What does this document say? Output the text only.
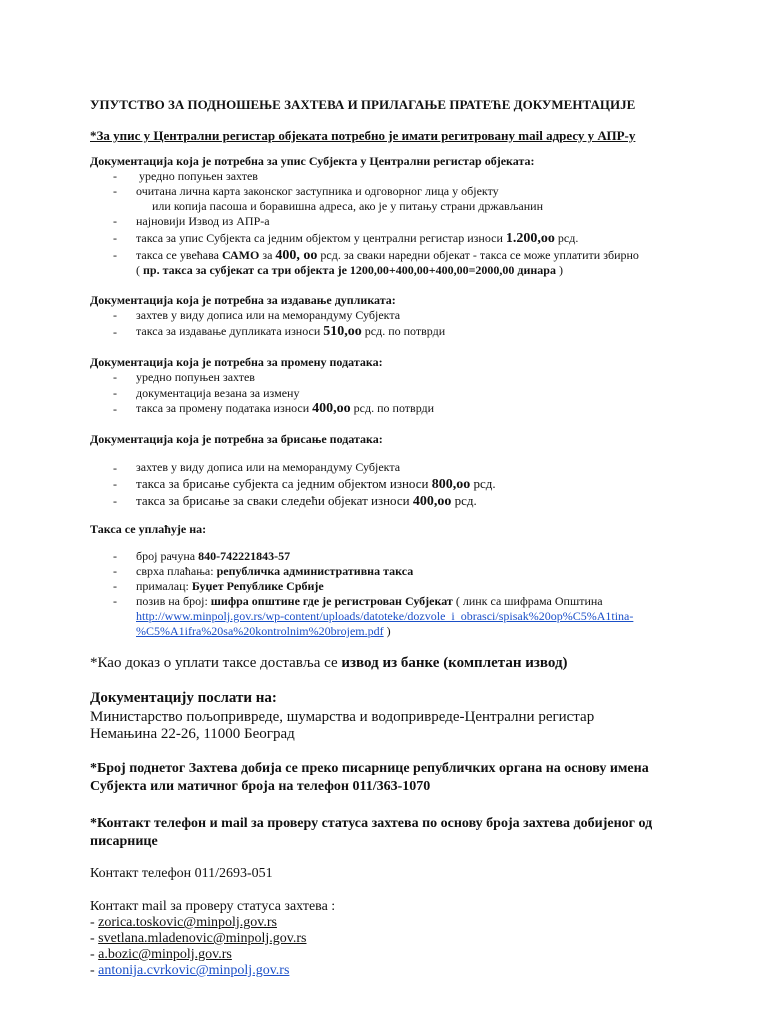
УПУТСТВО ЗА ПОДНОШЕЊЕ ЗАХТЕВА И ПРИЛАГАЊЕ ПРАТЕЋЕ ДОКУМЕНТАЦИЈЕ
*За упис у Централни регистар објеката потребно је имати регитровану mail адресу у АПР-у
Документација која је потребна за упис Субјекта у Централни регистар објеката:
- уредно попуњен захтев
- очитана лична карта законског заступника и одговорног лица у објекту
или копија пасоша и боравишна адреса, ако је у питању страни држављанин
- најновији Извод из АПР-а
- такса за упис Субјекта са једним објектом у централни регистар износи 1.200,оо рсд.
- такса се увећава САМО за 400, оо рсд. за сваки наредни објекат - такса се може уплатити збирно
( пр. такса за субјекат са три објекта је 1200,00+400,00+400,00=2000,00 динара )
Документација која је потребна за издавање дупликата:
- захтев у виду дописа или на меморандуму Субјекта
- такса за издавање дупликата износи 510,оо рсд. по потврди
Документација која је потребна за промену података:
- уредно попуњен захтев
- документација везана за измену
- такса за промену података износи 400,оо рсд. по потврди
Документација која је потребна за брисање података:
- захтев у виду дописа или на меморандуму Субјекта
- такса за брисање субјекта са једним објектом износи 800,оо рсд.
- такса за брисање за сваки следећи објекат износи 400,оо рсд.
Такса се уплаћује на:
- број рачуна 840-742221843-57
- сврха плаћања: републичка административна такса
- прималац: Буџет Републике Србије
- позив на број: шифра општине где је регистрован Субјекат ( линк са шифрама Општина
http://www.minpolj.gov.rs/wp-content/uploads/datoteke/dozvole_i_obrasci/spisak%20op%C5%A1tina-
%C5%A1ifra%20sa%20kontrolnim%20brojem.pdf )
*Као доказ о уплати таксе доставља се извод из банке (комплетан извод)
Документацију послати на:
Министарство пољопривреде, шумарства и водопривреде-Централни регистар
Немањина 22-26, 11000 Београд
*Број поднетог Захтева добија се преко писарнице републичких органа на основу имена
Субјекта или матичног броја на телефон 011/363-1070
*Контакт телефон и mail за проверу статуса захтева по основу броја захтева добијеног од
писарнице
Контакт телефон 011/2693-051
Контакт mail за проверу статуса захтева :
- zorica.toskovic@minpolj.gov.rs
- svetlana.mladenovic@minpolj.gov.rs
- a.bozic@minpolj.gov.rs
- antonija.cvrkovic@minpolj.gov.rs
